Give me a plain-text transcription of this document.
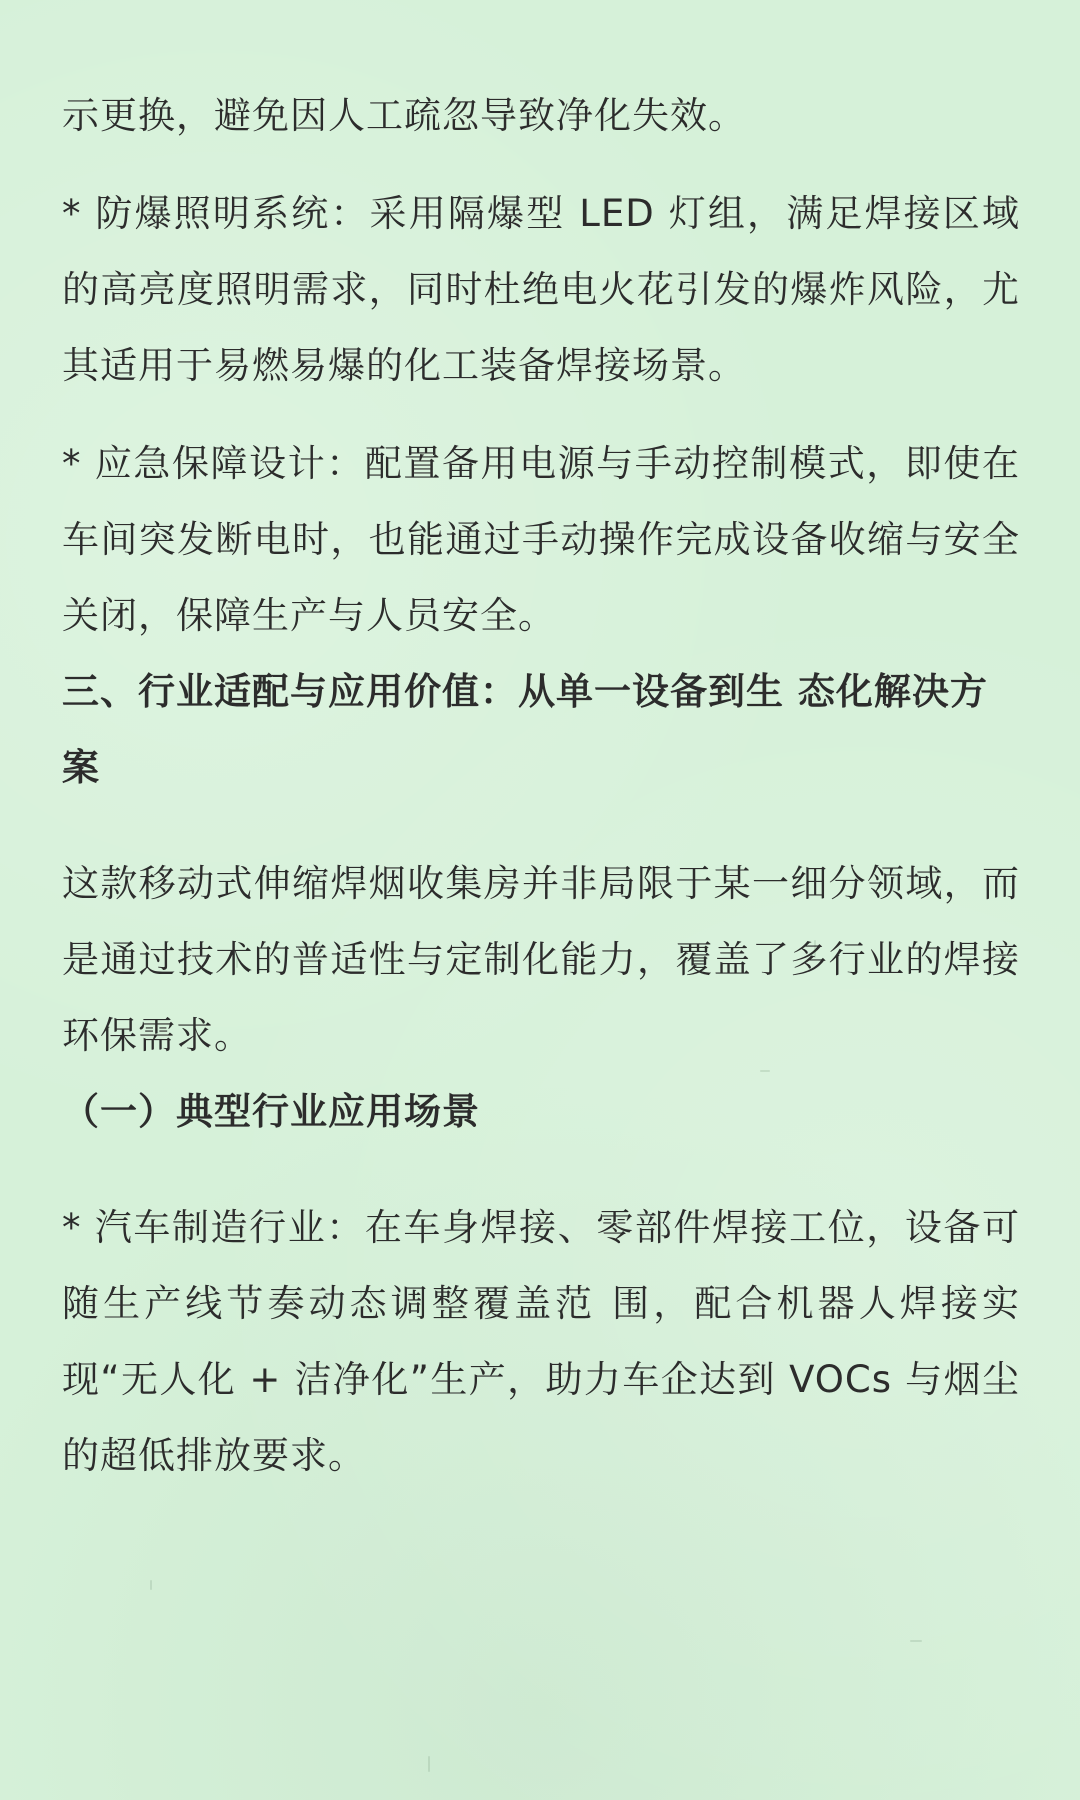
示更换，避免因人工疏忽导致净化失效。

* 防爆照明系统：采用隔爆型 LED 灯组，满足焊接区域的高亮度照明需求，同时杜绝电火花引发的爆炸风险，尤其适用于易燃易爆的化工装备焊接场景。

* 应急保障设计：配置备用电源与手动控制模式，即使在车间突发断电时，也能通过手动操作完成设备收缩与安全关闭，保障生产与人员安全。

三、行业适配与应用价值：从单一设备到生 态化解决方案

这款移动式伸缩焊烟收集房并非局限于某一细分领域，而是通过技术的普适性与定制化能力，覆盖了多行业的焊接环保需求。

（一）典型行业应用场景

* 汽车制造行业：在车身焊接、零部件焊接工位，设备可随生产线节奏动态调整覆盖范 围，配合机器人焊接实现“无人化 + 洁净化”生产，助力车企达到 VOCs 与烟尘的超低排放要求。
